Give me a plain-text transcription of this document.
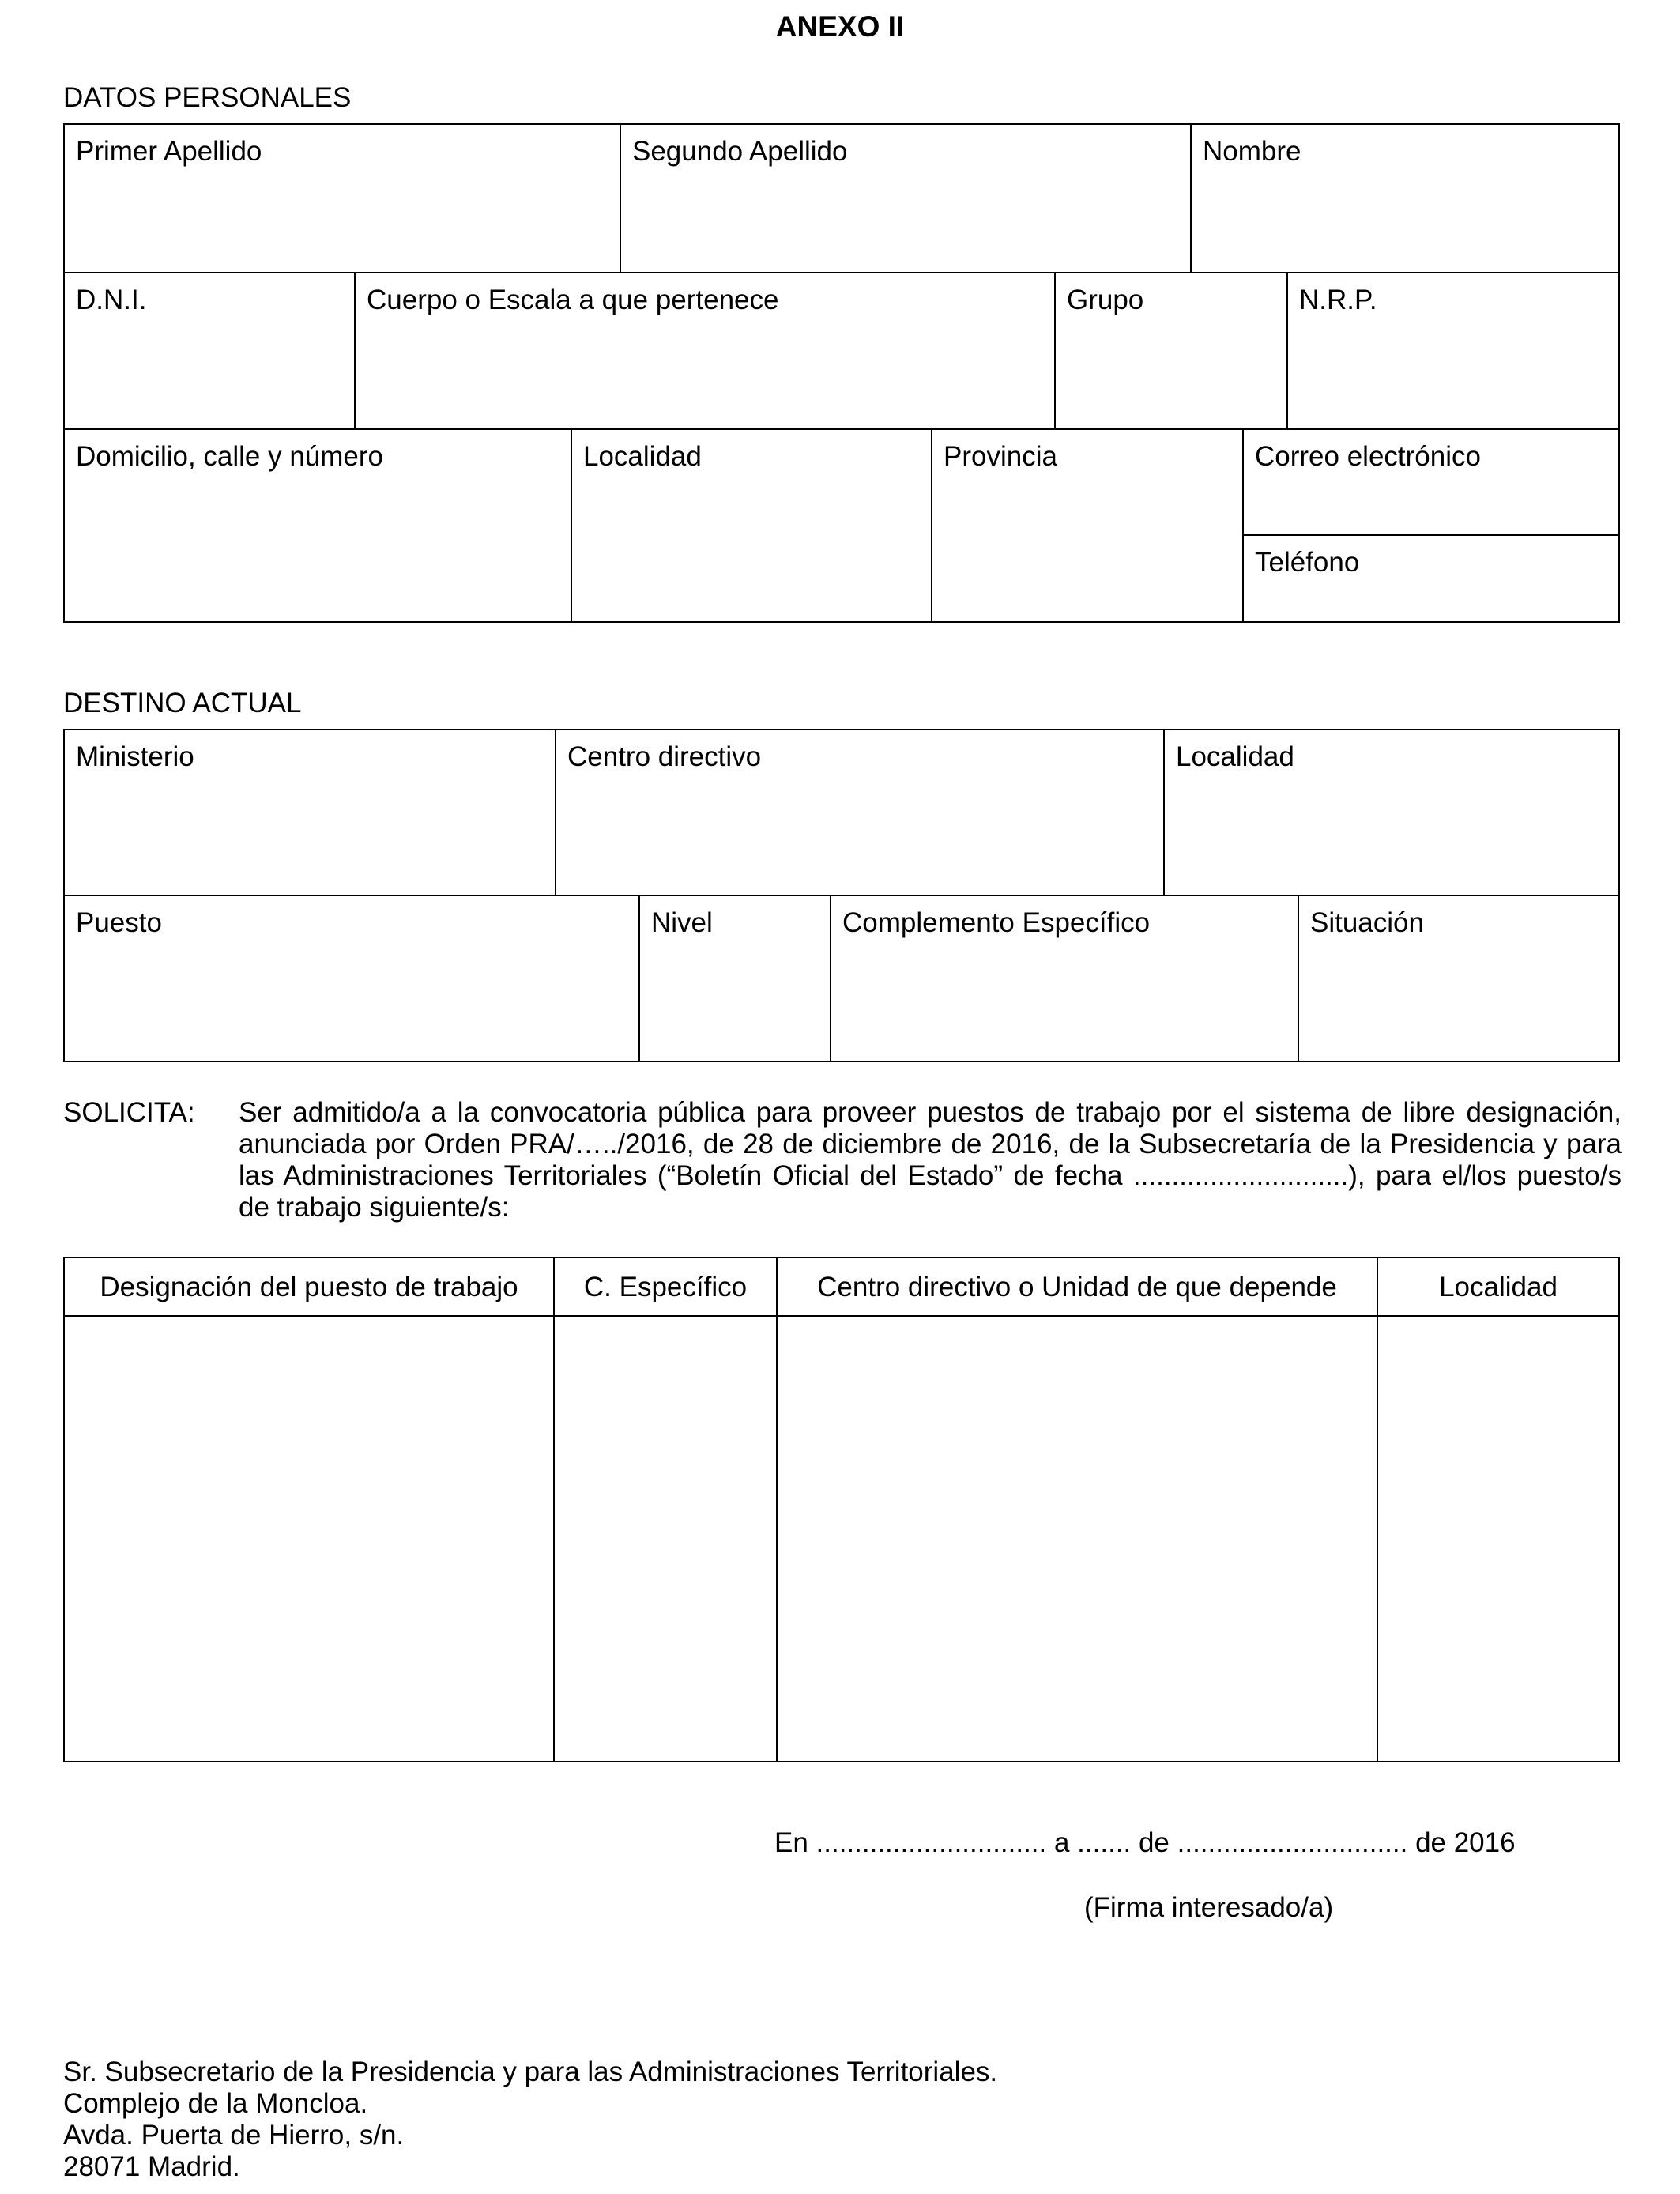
ANEXO II
DATOS PERSONALES
Primer Apellido	Segundo Apellido	Nombre
D.N.I.	Cuerpo o Escala a que pertenece	Grupo	N.R.P.
Domicilio, calle y número	Localidad	Provincia	Correo electrónico
Teléfono
DESTINO ACTUAL
Ministerio	Centro directivo	Localidad
Puesto	Nivel	Complemento Específico	Situación
SOLICITA: Ser admitido/a a la convocatoria pública para proveer puestos de trabajo por el sistema de libre designación, anunciada por Orden PRA/…../2016, de 28 de diciembre de 2016, de la Subsecretaría de la Presidencia y para las Administraciones Territoriales (“Boletín Oficial del Estado” de fecha ............................), para el/los puesto/s de trabajo siguiente/s:
Designación del puesto de trabajo	C. Específico	Centro directivo o Unidad de que depende	Localidad
En .............................. a ....... de .............................. de 2016
(Firma interesado/a)
Sr. Subsecretario de la Presidencia y para las Administraciones Territoriales.
Complejo de la Moncloa.
Avda. Puerta de Hierro, s/n.
28071 Madrid.
